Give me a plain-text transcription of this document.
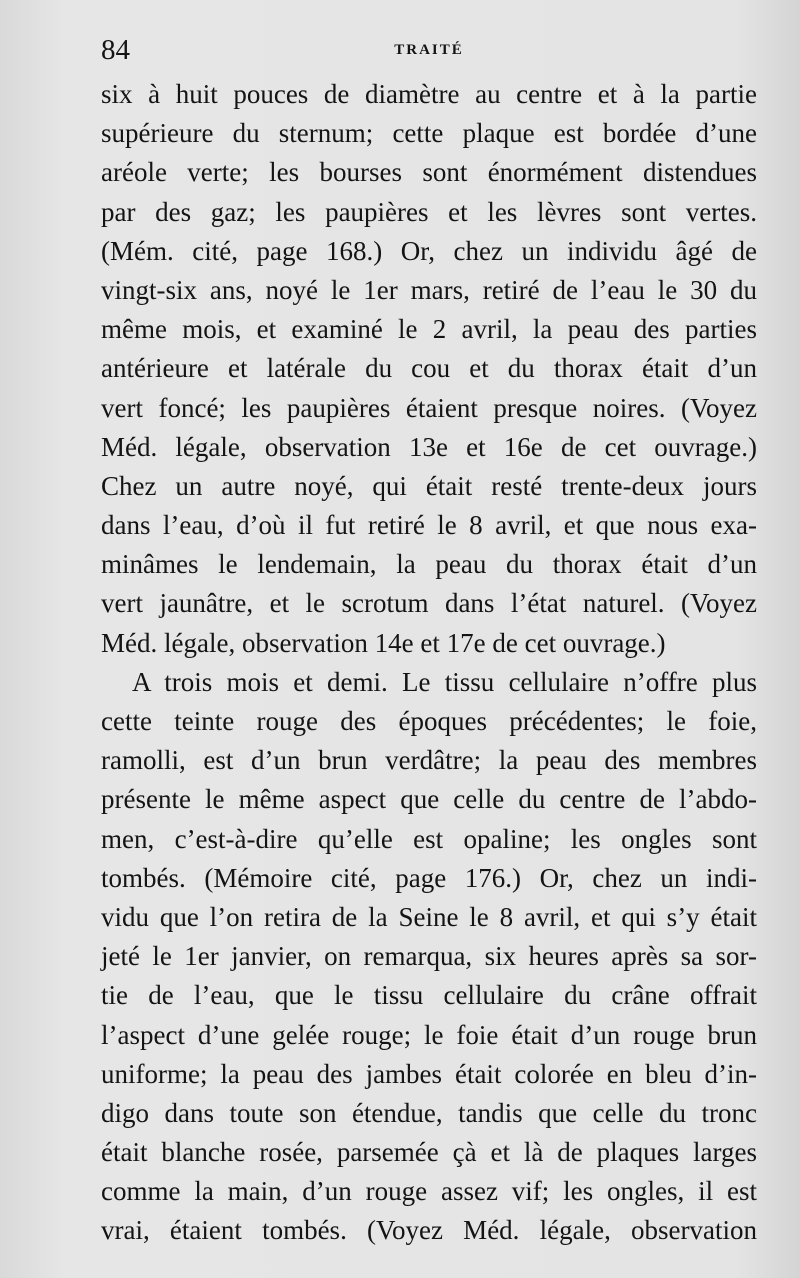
84	TRAITÉ
six à huit pouces de diamètre au centre et à la partie
supérieure du sternum; cette plaque est bordée d’une
aréole verte; les bourses sont énormément distendues
par des gaz; les paupières et les lèvres sont vertes.
(Mém. cité, page 168.) Or, chez un individu âgé de
vingt-six ans, noyé le 1er mars, retiré de l’eau le 30 du
même mois, et examiné le 2 avril, la peau des parties
antérieure et latérale du cou et du thorax était d’un
vert foncé; les paupières étaient presque noires. (Voyez
Méd. légale, observation 13e et 16e de cet ouvrage.)
Chez un autre noyé, qui était resté trente-deux jours
dans l’eau, d’où il fut retiré le 8 avril, et que nous exa-
minâmes le lendemain, la peau du thorax était d’un
vert jaunâtre, et le scrotum dans l’état naturel. (Voyez
Méd. légale, observation 14e et 17e de cet ouvrage.)
A trois mois et demi. Le tissu cellulaire n’offre plus
cette teinte rouge des époques précédentes; le foie,
ramolli, est d’un brun verdâtre; la peau des membres
présente le même aspect que celle du centre de l’abdo-
men, c’est-à-dire qu’elle est opaline; les ongles sont
tombés. (Mémoire cité, page 176.) Or, chez un indi-
vidu que l’on retira de la Seine le 8 avril, et qui s’y était
jeté le 1er janvier, on remarqua, six heures après sa sor-
tie de l’eau, que le tissu cellulaire du crâne offrait
l’aspect d’une gelée rouge; le foie était d’un rouge brun
uniforme; la peau des jambes était colorée en bleu d’in-
digo dans toute son étendue, tandis que celle du tronc
était blanche rosée, parsemée çà et là de plaques larges
comme la main, d’un rouge assez vif; les ongles, il est
vrai, étaient tombés. (Voyez Méd. légale, observation
